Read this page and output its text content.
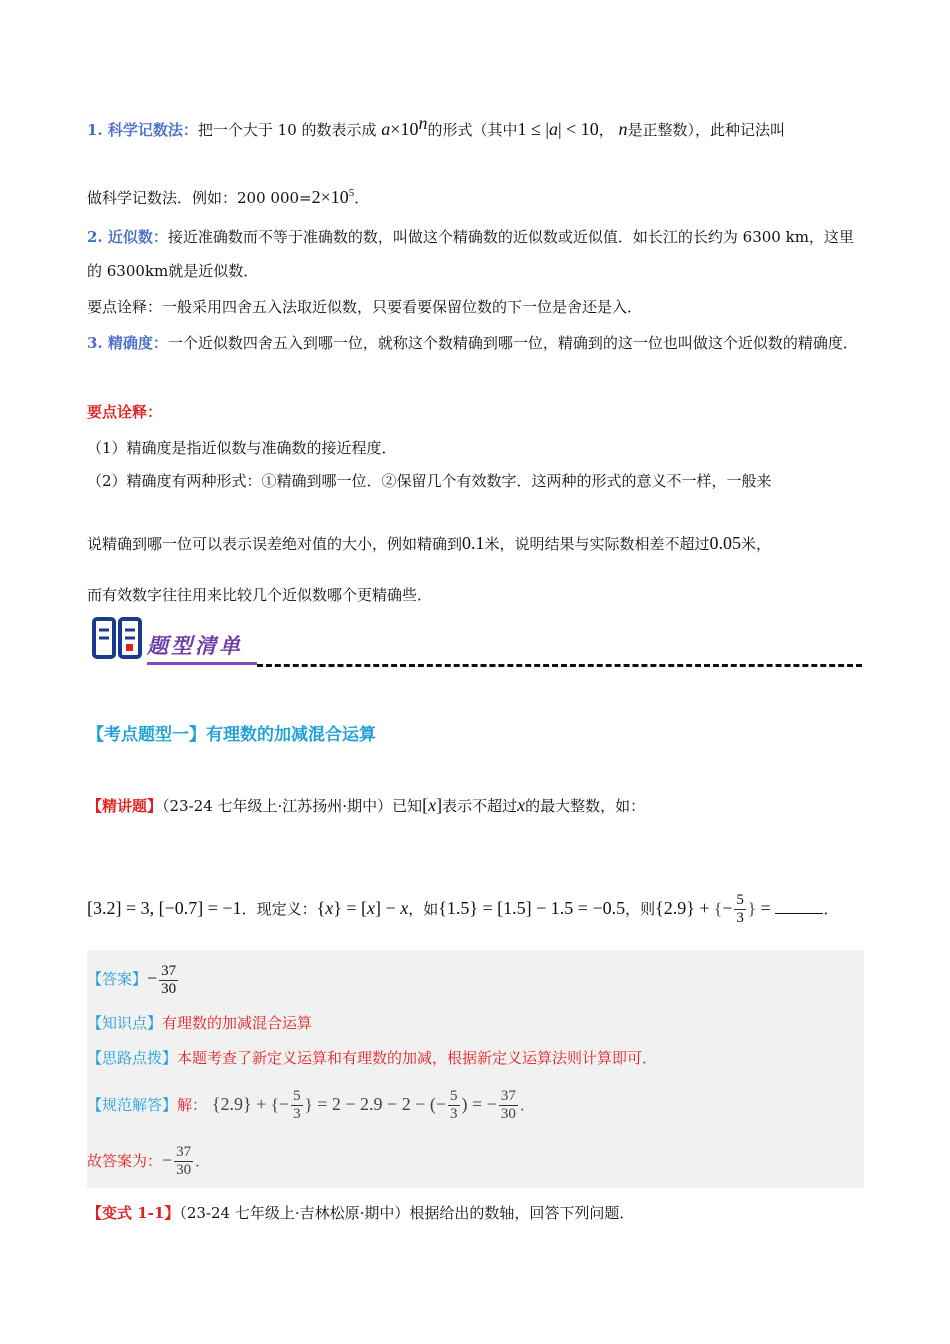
1. 科学记数法：把一个大于 10 的数表示成 $a\times 10^n$的形式（其中1 ≤ |a| < 10， n是正整数），此种记法叫
做科学记数法．例如：200 $000=2\times 10^5$．
2. 近似数：接近准确数而不等于准确数的数，叫做这个精确数的近似数或近似值．如长江的长约为 6300 km，这里的 6300km就是近似数．
要点诠释：一般采用四舍五入法取近似数，只要看要保留位数的下一位是舍还是入．
3. 精确度：一个近似数四舍五入到哪一位，就称这个数精确到哪一位，精确到的这一位也叫做这个近似数的精确度．
要点诠释：
（1）精确度是指近似数与准确数的接近程度．
（2）精确度有两种形式：①精确到哪一位．②保留几个有效数字．这两种的形式的意义不一样，一般来
说精确到哪一位可以表示误差绝对值的大小，例如精确到0.1米，说明结果与实际数相差不超过0.05米，
而有效数字往往用来比较几个近似数哪个更精确些．
题型清单
【考点题型一】有理数的加减混合运算
【精讲题】（23-24 七年级上·江苏扬州·期中）已知[x]表示不超过x的最大整数，如：
[3.2] = 3, [−0.7] = −1．现定义：{x} = [x] − x，如{1.5} = [1.5] − 1.5 = −0.5，则{2.9} + {− $\frac{5}{3}$ } =	．
【答案】− $\frac{37}{30}$
【知识点】有理数的加减混合运算
【思路点拨】本题考查了新定义运算和有理数的加减，根据新定义运算法则计算即可．
【规范解答】解： {2.9} + {− $\frac{5}{3}$ } = 2 − 2.9 − 2 − (− $\frac{5}{3}$ ) = − $\frac{37}{30}$ ．
故答案为：− $\frac{37}{30}$ ．
【变式 1-1】（23-24 七年级上·吉林松原·期中）根据给出的数轴，回答下列问题．
